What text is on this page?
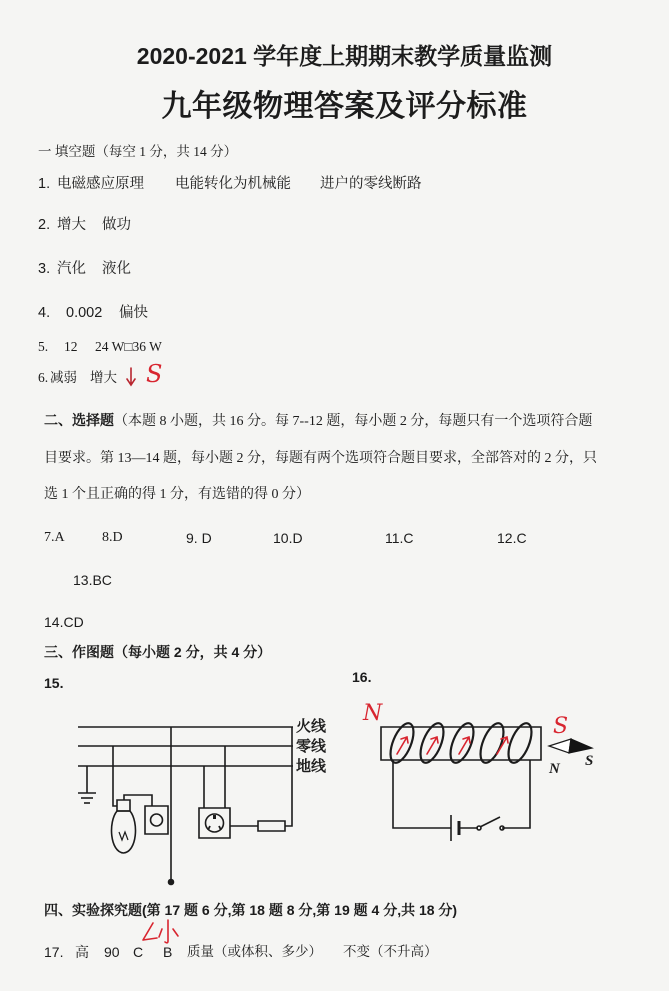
2020-2021 学年度上期期末教学质量监测
九年级物理答案及评分标准
一 填空题（每空 1 分，共 14 分）
1. 电磁感应原理 电能转化为机械能 进户的零线断路
2. 增大 做功
3. 汽化 液化
4. 0.002 偏快
5. 12 24 W□36 W
6. 减弱 增大 S
二、选择题（本题 8 小题，共 16 分。每 7--12 题，每小题 2 分，每题只有一个选项符合题
目要求。第 13—14 题，每小题 2 分，每题有两个选项符合题目要求，全部答对的 2 分，只
选 1 个且正确的得 1 分，有选错的得 0 分）
7.A	8.D	9. D	10.D	11.C	12.C
13.BC
14.CD
三、作图题（每小题 2 分，共 4 分）
15.	16.
火线
零线
地线
N
S
N S
四、实验探究题(第 17 题 6 分,第 18 题 8 分,第 19 题 4 分,共 18 分)
17. 高 90 C B 质量（或体积、多少） 不变（不升高）
